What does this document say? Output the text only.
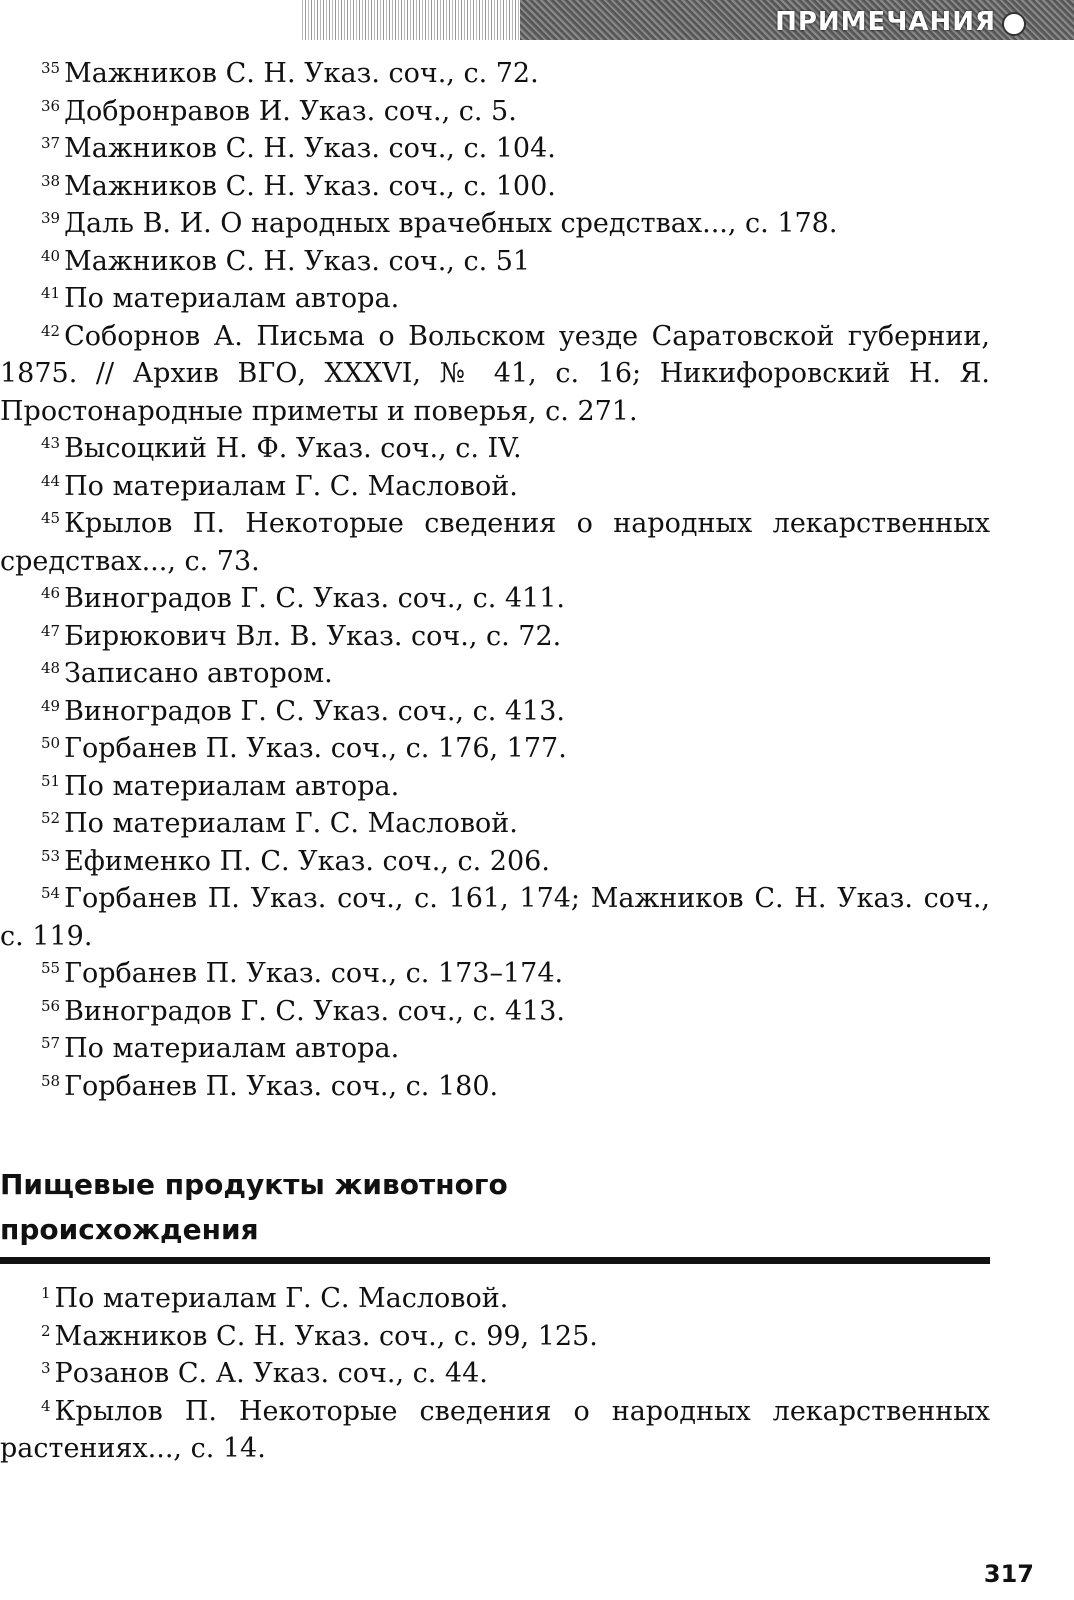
ПРИМЕЧАНИЯ
$^{35}$ Мажников С. Н. Указ. соч., с. 72.
$^{36}$ Добронравов И. Указ. соч., с. 5.
$^{37}$ Мажников С. Н. Указ. соч., с. 104.
$^{38}$ Мажников С. Н. Указ. соч., с. 100.
$^{39}$ Даль В. И. О народных врачебных средствах..., с. 178.
$^{40}$ Мажников С. Н. Указ. соч., с. 51
$^{41}$ По материалам автора.
$^{42}$ Соборнов А. Письма о Вольском уезде Саратовской губернии, 1875. // Архив ВГО, XXXVI, № 41, с. 16; Никифоровский Н. Я. Простонародные приметы и поверья, с. 271.
$^{43}$ Высоцкий Н. Ф. Указ. соч., с. IV.
$^{44}$ По материалам Г. С. Масловой.
$^{45}$ Крылов П. Некоторые сведения о народных лекарственных средствах..., с. 73.
$^{46}$ Виноградов Г. С. Указ. соч., с. 411.
$^{47}$ Бирюкович Вл. В. Указ. соч., с. 72.
$^{48}$ Записано автором.
$^{49}$ Виноградов Г. С. Указ. соч., с. 413.
$^{50}$ Горбанев П. Указ. соч., с. 176, 177.
$^{51}$ По материалам автора.
$^{52}$ По материалам Г. С. Масловой.
$^{53}$ Ефименко П. С. Указ. соч., с. 206.
$^{54}$ Горбанев П. Указ. соч., с. 161, 174; Мажников С. Н. Указ. соч., с. 119.
$^{55}$ Горбанев П. Указ. соч., с. 173–174.
$^{56}$ Виноградов Г. С. Указ. соч., с. 413.
$^{57}$ По материалам автора.
$^{58}$ Горбанев П. Указ. соч., с. 180.
Пищевые продукты животного
происхождения
$^1$ По материалам Г. С. Масловой.
$^2$ Мажников С. Н. Указ. соч., с. 99, 125.
$^3$ Розанов С. А. Указ. соч., с. 44.
$^4$ Крылов П. Некоторые сведения о народных лекарственных растениях..., с. 14.
317
